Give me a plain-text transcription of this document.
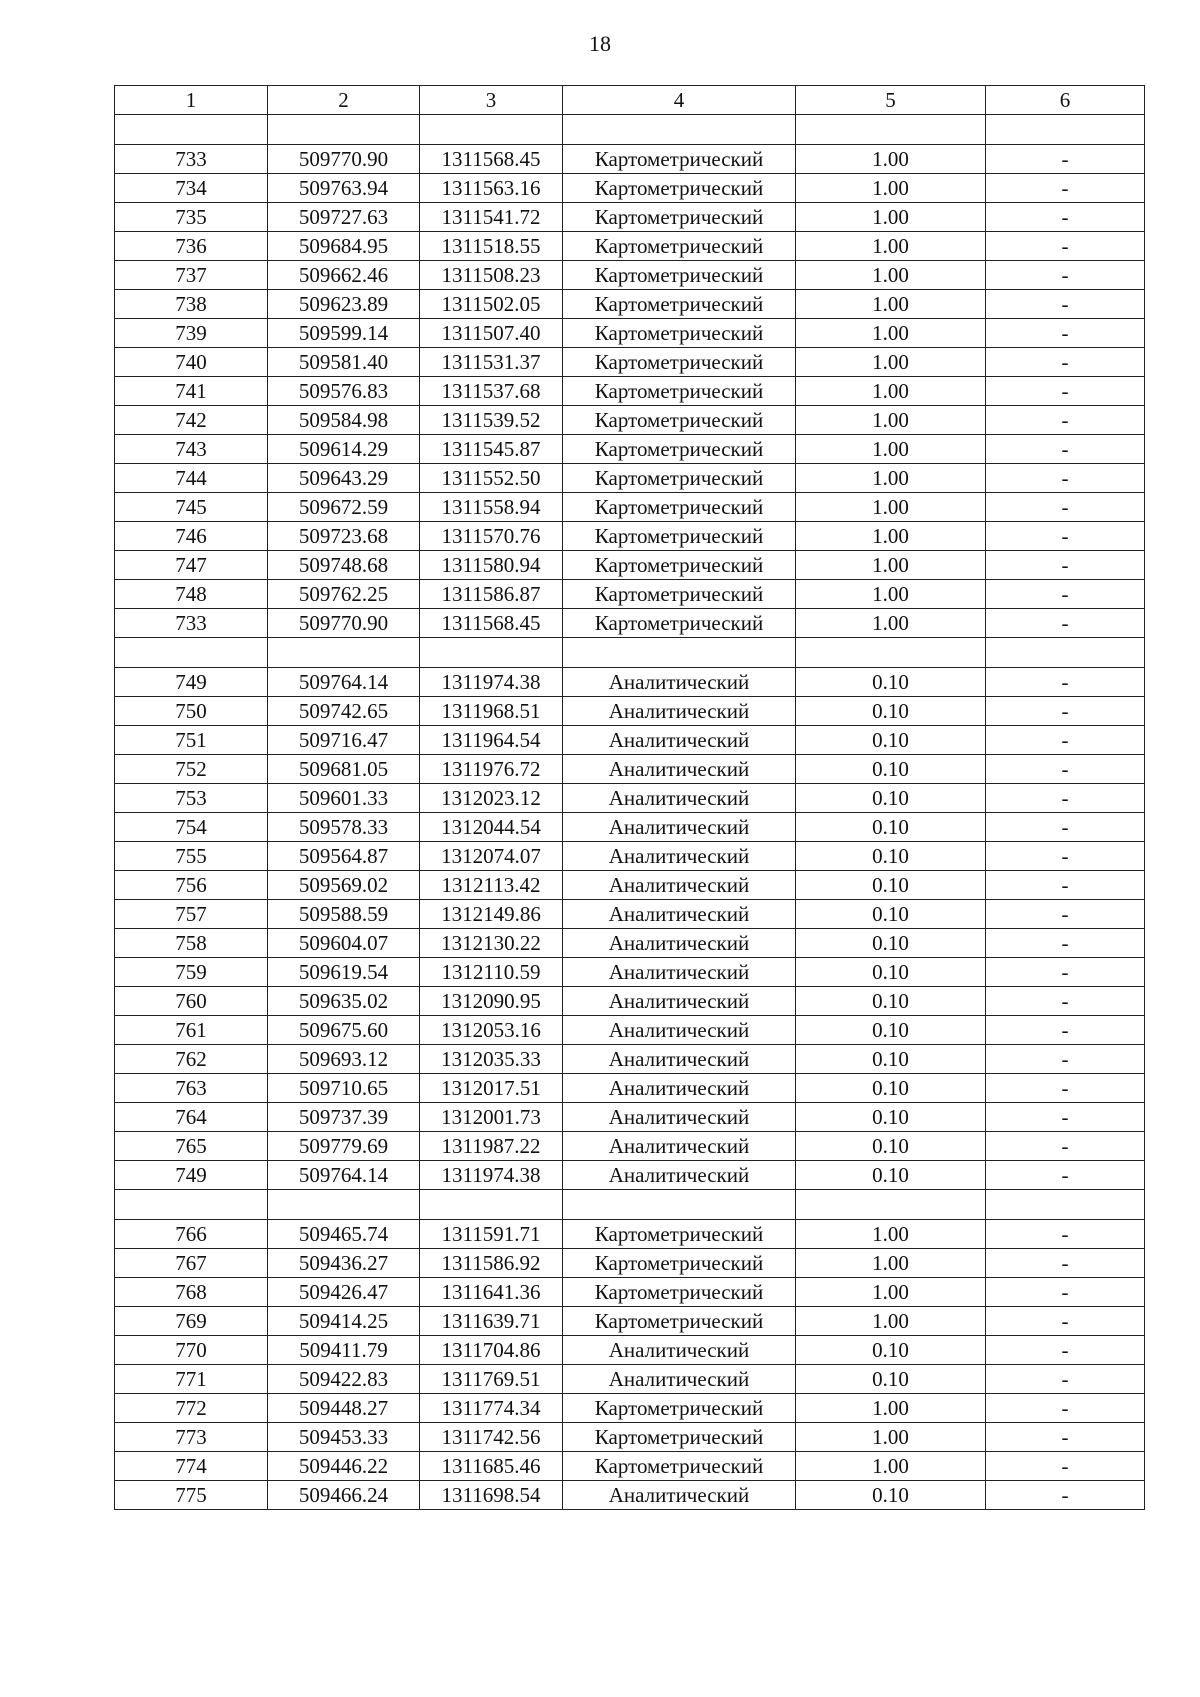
18
1	2	3	4	5	6

733	509770.90	1311568.45	Картометрический	1.00	-
734	509763.94	1311563.16	Картометрический	1.00	-
735	509727.63	1311541.72	Картометрический	1.00	-
736	509684.95	1311518.55	Картометрический	1.00	-
737	509662.46	1311508.23	Картометрический	1.00	-
738	509623.89	1311502.05	Картометрический	1.00	-
739	509599.14	1311507.40	Картометрический	1.00	-
740	509581.40	1311531.37	Картометрический	1.00	-
741	509576.83	1311537.68	Картометрический	1.00	-
742	509584.98	1311539.52	Картометрический	1.00	-
743	509614.29	1311545.87	Картометрический	1.00	-
744	509643.29	1311552.50	Картометрический	1.00	-
745	509672.59	1311558.94	Картометрический	1.00	-
746	509723.68	1311570.76	Картометрический	1.00	-
747	509748.68	1311580.94	Картометрический	1.00	-
748	509762.25	1311586.87	Картометрический	1.00	-
733	509770.90	1311568.45	Картометрический	1.00	-

749	509764.14	1311974.38	Аналитический	0.10	-
750	509742.65	1311968.51	Аналитический	0.10	-
751	509716.47	1311964.54	Аналитический	0.10	-
752	509681.05	1311976.72	Аналитический	0.10	-
753	509601.33	1312023.12	Аналитический	0.10	-
754	509578.33	1312044.54	Аналитический	0.10	-
755	509564.87	1312074.07	Аналитический	0.10	-
756	509569.02	1312113.42	Аналитический	0.10	-
757	509588.59	1312149.86	Аналитический	0.10	-
758	509604.07	1312130.22	Аналитический	0.10	-
759	509619.54	1312110.59	Аналитический	0.10	-
760	509635.02	1312090.95	Аналитический	0.10	-
761	509675.60	1312053.16	Аналитический	0.10	-
762	509693.12	1312035.33	Аналитический	0.10	-
763	509710.65	1312017.51	Аналитический	0.10	-
764	509737.39	1312001.73	Аналитический	0.10	-
765	509779.69	1311987.22	Аналитический	0.10	-
749	509764.14	1311974.38	Аналитический	0.10	-

766	509465.74	1311591.71	Картометрический	1.00	-
767	509436.27	1311586.92	Картометрический	1.00	-
768	509426.47	1311641.36	Картометрический	1.00	-
769	509414.25	1311639.71	Картометрический	1.00	-
770	509411.79	1311704.86	Аналитический	0.10	-
771	509422.83	1311769.51	Аналитический	0.10	-
772	509448.27	1311774.34	Картометрический	1.00	-
773	509453.33	1311742.56	Картометрический	1.00	-
774	509446.22	1311685.46	Картометрический	1.00	-
775	509466.24	1311698.54	Аналитический	0.10	-
